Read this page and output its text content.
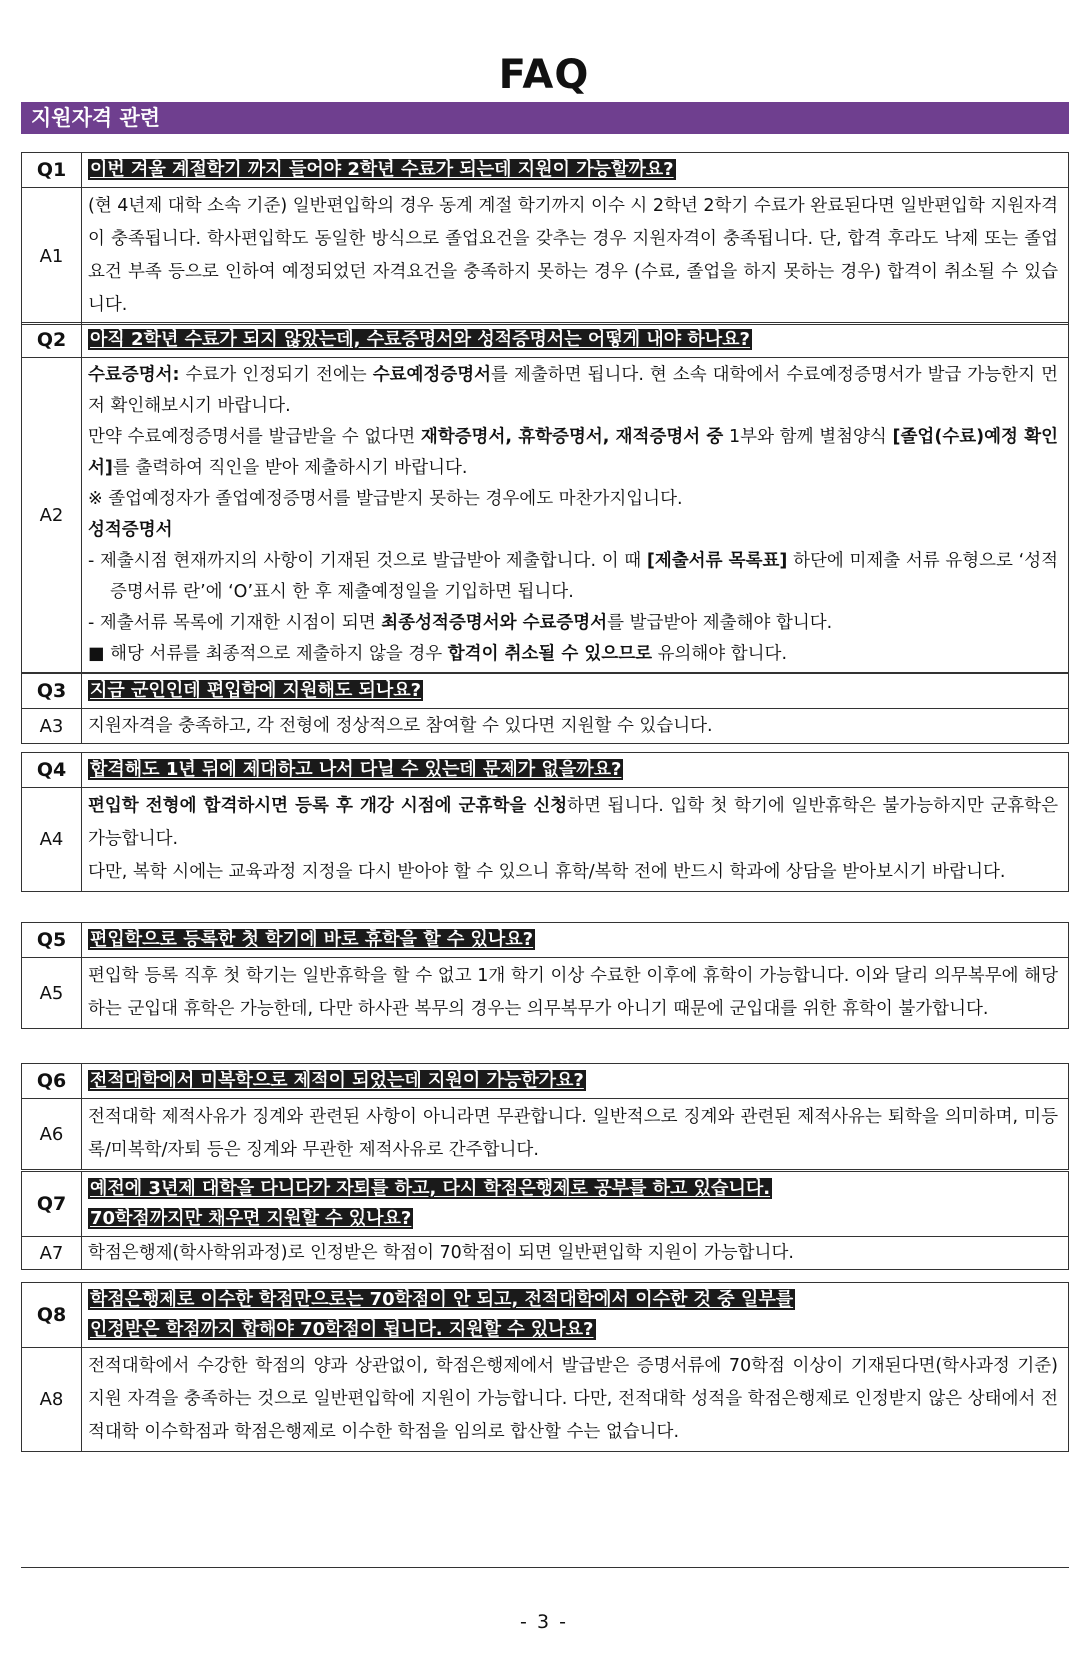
FAQ
지원자격 관련
Q1	이번 겨울 계절학기 까지 들어야 2학년 수료가 되는데 지원이 가능할까요?
A1

(현 4년제 대학 소속 기준) 일반편입학의 경우 동계 계절 학기까지 이수 시 2학년 2학기 수료가 완료된다면 일반편입학 지원자격이 충족됩니다. 학사편입학도 동일한 방식으로 졸업요건을 갖추는 경우 지원자격이 충족됩니다. 단, 합격 후라도 낙제 또는 졸업요건 부족 등으로 인하여 예정되었던 자격요건을 충족하지 못하는 경우 (수료, 졸업을 하지 못하는 경우) 합격이 취소될 수 있습니다.

Q2	아직 2학년 수료가 되지 않았는데, 수료증명서와 성적증명서는 어떻게 내야 하나요?
A2

수료증명서: 수료가 인정되기 전에는 수료예정증명서를 제출하면 됩니다. 현 소속 대학에서 수료예정증명서가 발급 가능한지 먼저 확인해보시기 바랍니다.

만약 수료예정증명서를 발급받을 수 없다면 재학증명서, 휴학증명서, 재적증명서 중 1부와 함께 별첨양식 [졸업(수료)예정 확인서]를 출력하여 직인을 받아 제출하시기 바랍니다.

※ 졸업예정자가 졸업예정증명서를 발급받지 못하는 경우에도 마찬가지입니다.

성적증명서

- 제출시점 현재까지의 사항이 기재된 것으로 발급받아 제출합니다. 이 때 [제출서류 목록표] 하단에 미제출 서류 유형으로 ‘성적증명서류 란’에 ‘O’표시 한 후 제출예정일을 기입하면 됩니다.

- 제출서류 목록에 기재한 시점이 되면 최종성적증명서와 수료증명서를 발급받아 제출해야 합니다.

■ 해당 서류를 최종적으로 제출하지 않을 경우 합격이 취소될 수 있으므로 유의해야 합니다.

Q3	지금 군인인데 편입학에 지원해도 되나요?
A3	지원자격을 충족하고, 각 전형에 정상적으로 참여할 수 있다면 지원할 수 있습니다.

Q4	합격해도 1년 뒤에 제대하고 나서 다닐 수 있는데 문제가 없을까요?
A4

편입학 전형에 합격하시면 등록 후 개강 시점에 군휴학을 신청하면 됩니다. 입학 첫 학기에 일반휴학은 불가능하지만 군휴학은 가능합니다.

다만, 복학 시에는 교육과정 지정을 다시 받아야 할 수 있으니 휴학/복학 전에 반드시 학과에 상담을 받아보시기 바랍니다.

Q5	편입학으로 등록한 첫 학기에 바로 휴학을 할 수 있나요?
A5

편입학 등록 직후 첫 학기는 일반휴학을 할 수 없고 1개 학기 이상 수료한 이후에 휴학이 가능합니다. 이와 달리 의무복무에 해당하는 군입대 휴학은 가능한데, 다만 하사관 복무의 경우는 의무복무가 아니기 때문에 군입대를 위한 휴학이 불가합니다.

Q6	전적대학에서 미복학으로 제적이 되었는데 지원이 가능한가요?
A6

전적대학 제적사유가 징계와 관련된 사항이 아니라면 무관합니다. 일반적으로 징계와 관련된 제적사유는 퇴학을 의미하며, 미등록/미복학/자퇴 등은 징계와 무관한 제적사유로 간주합니다.

Q7
예전에 3년제 대학을 다니다가 자퇴를 하고, 다시 학점은행제로 공부를 하고 있습니다.
70학점까지만 채우면 지원할 수 있나요?
A7	학점은행제(학사학위과정)로 인정받은 학점이 70학점이 되면 일반편입학 지원이 가능합니다.

Q8
학점은행제로 이수한 학점만으로는 70학점이 안 되고, 전적대학에서 이수한 것 중 일부를
인정받은 학점까지 합해야 70학점이 됩니다. 지원할 수 있나요?
A8

전적대학에서 수강한 학점의 양과 상관없이, 학점은행제에서 발급받은 증명서류에 70학점 이상이 기재된다면(학사과정 기준) 지원 자격을 충족하는 것으로 일반편입학에 지원이 가능합니다. 다만, 전적대학 성적을 학점은행제로 인정받지 않은 상태에서 전적대학 이수학점과 학점은행제로 이수한 학점을 임의로 합산할 수는 없습니다.

- 3 -
